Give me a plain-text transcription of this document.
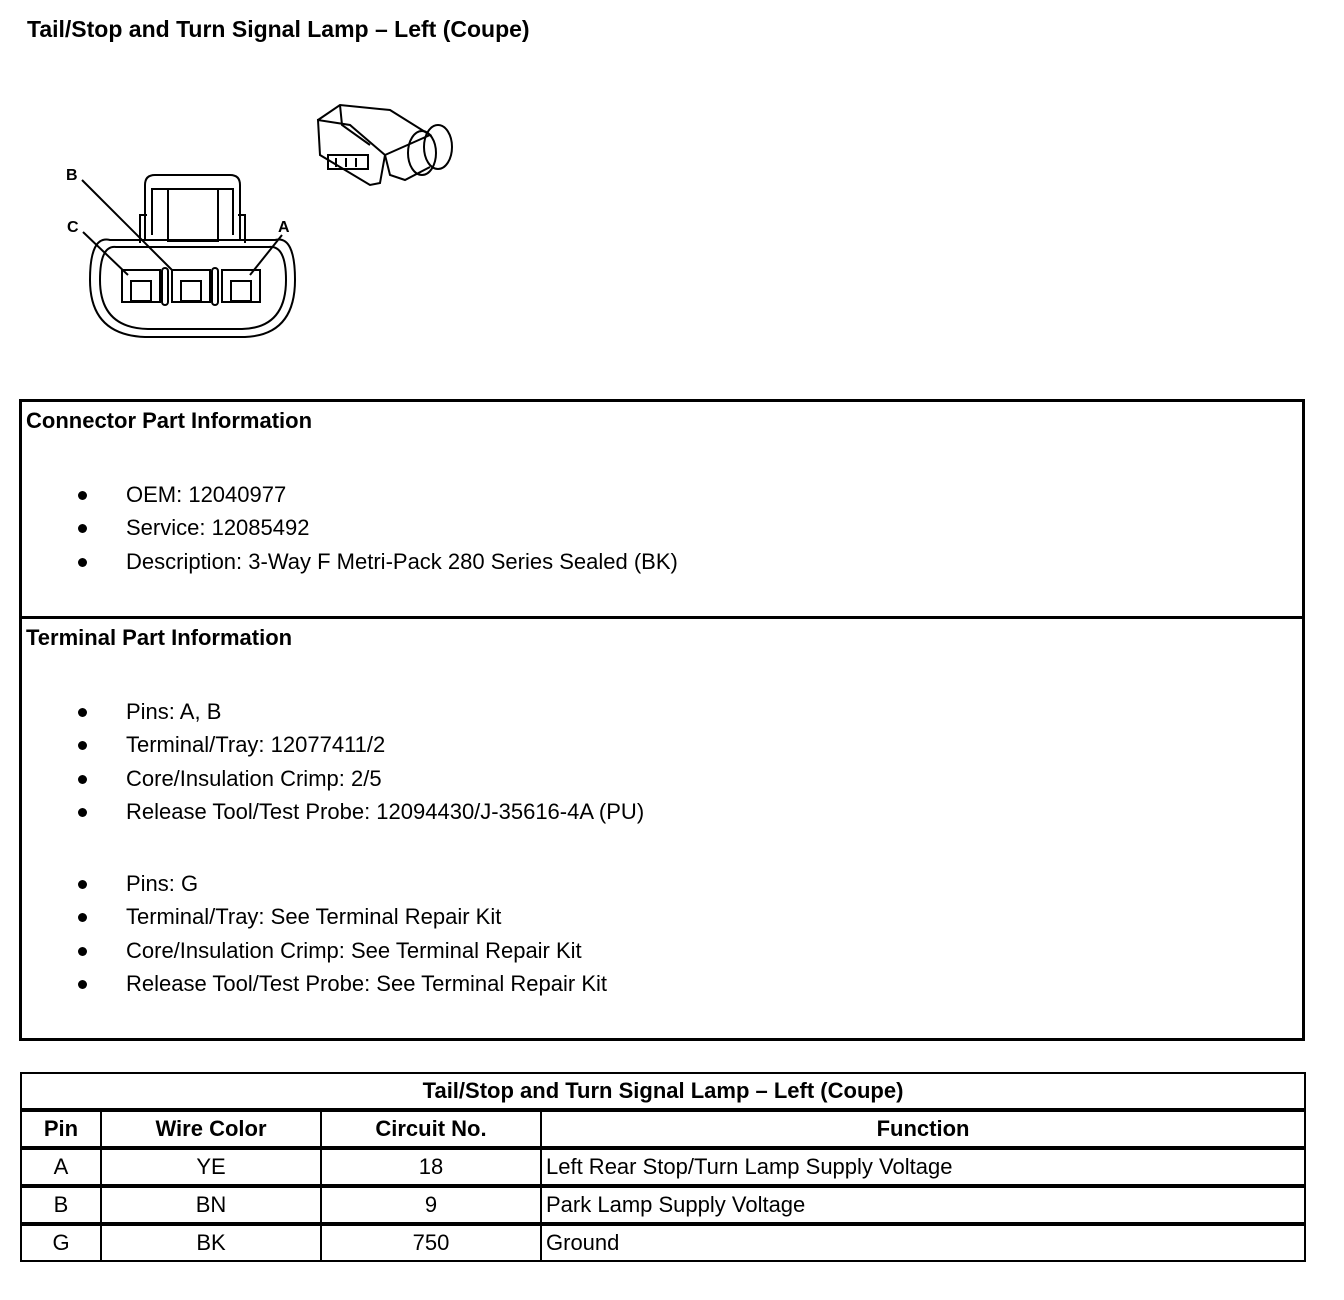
Tail/Stop and Turn Signal Lamp – Left (Coupe)
B
C	A
Connector Part Information
OEM: 12040977
Service: 12085492
Description: 3-Way F Metri-Pack 280 Series Sealed (BK)
Terminal Part Information
Pins: A, B
Terminal/Tray: 12077411/2
Core/Insulation Crimp: 2/5
Release Tool/Test Probe: 12094430/J-35616-4A (PU)
Pins: G
Terminal/Tray: See Terminal Repair Kit
Core/Insulation Crimp: See Terminal Repair Kit
Release Tool/Test Probe: See Terminal Repair Kit
Tail/Stop and Turn Signal Lamp – Left (Coupe)			
Pin	Wire Color	Circuit No.	Function
A	YE	18	Left Rear Stop/Turn Lamp Supply Voltage
B	BN	9	Park Lamp Supply Voltage
G	BK	750	Ground
